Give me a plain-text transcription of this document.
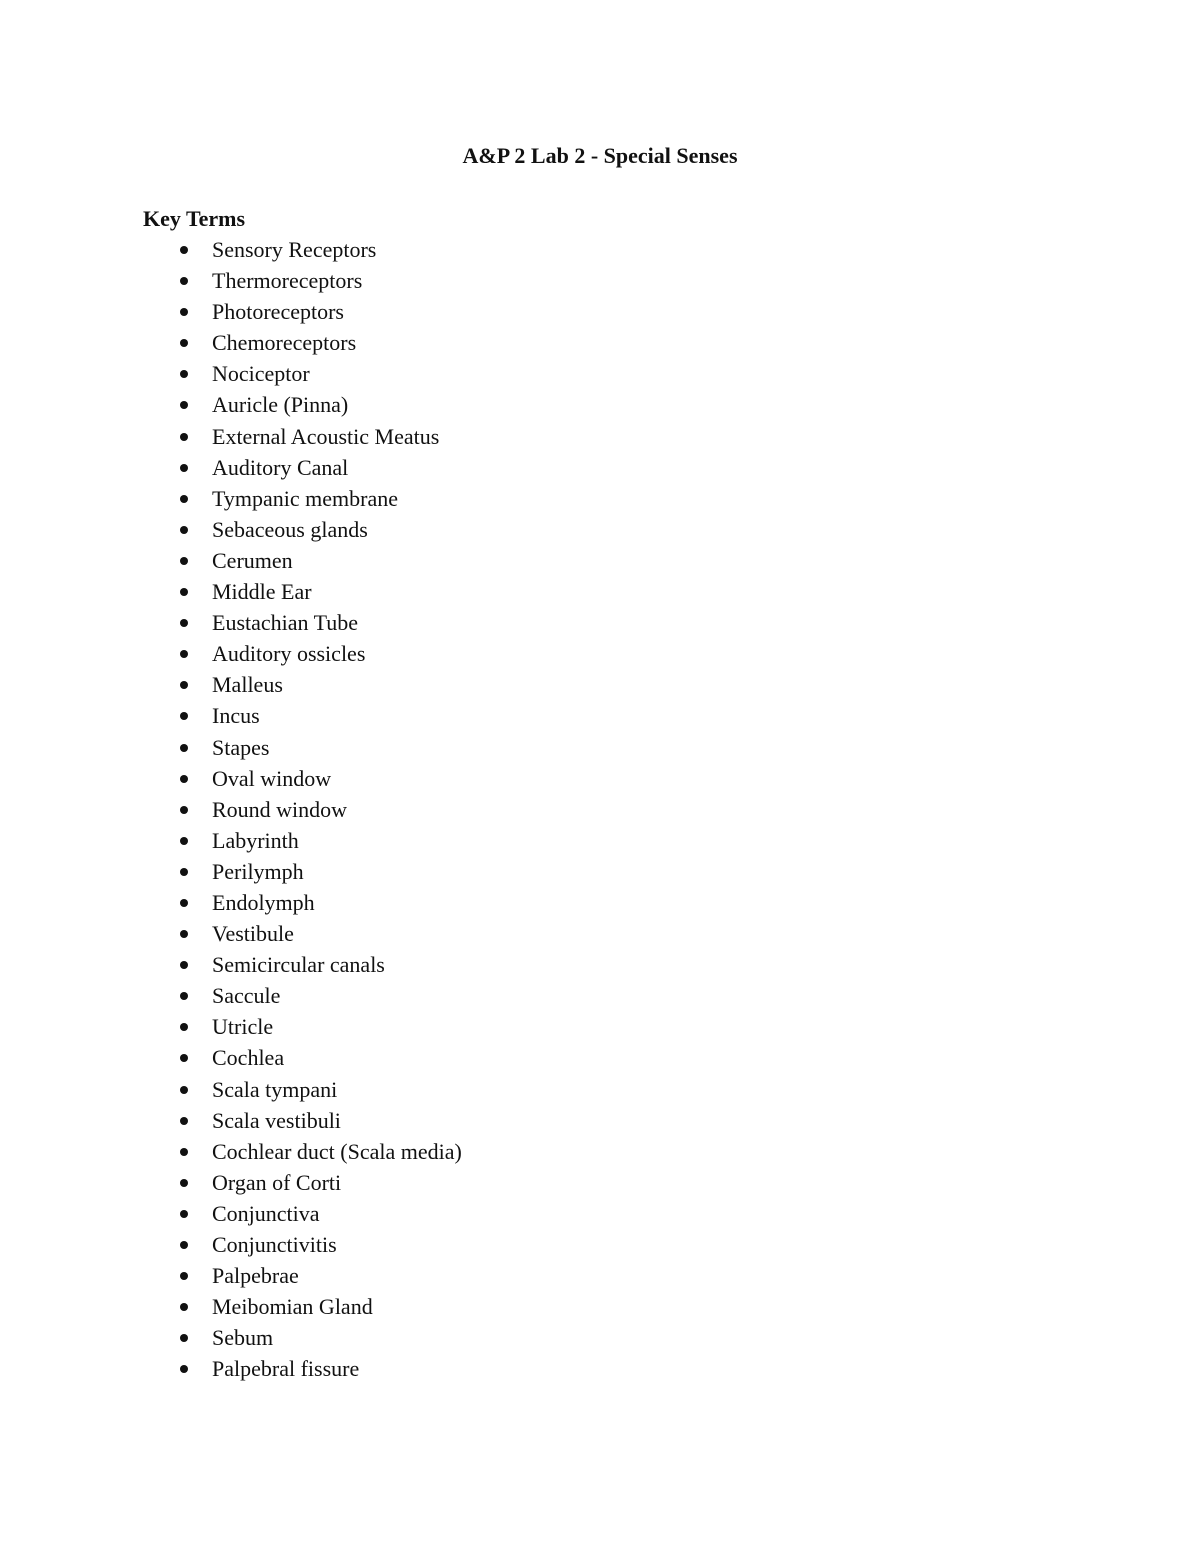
A&P 2 Lab 2 - Special Senses
Key Terms
Sensory Receptors
Thermoreceptors
Photoreceptors
Chemoreceptors
Nociceptor
Auricle (Pinna)
External Acoustic Meatus
Auditory Canal
Tympanic membrane
Sebaceous glands
Cerumen
Middle Ear
Eustachian Tube
Auditory ossicles
Malleus
Incus
Stapes
Oval window
Round window
Labyrinth
Perilymph
Endolymph
Vestibule
Semicircular canals
Saccule
Utricle
Cochlea
Scala tympani
Scala vestibuli
Cochlear duct (Scala media)
Organ of Corti
Conjunctiva
Conjunctivitis
Palpebrae
Meibomian Gland
Sebum
Palpebral fissure
